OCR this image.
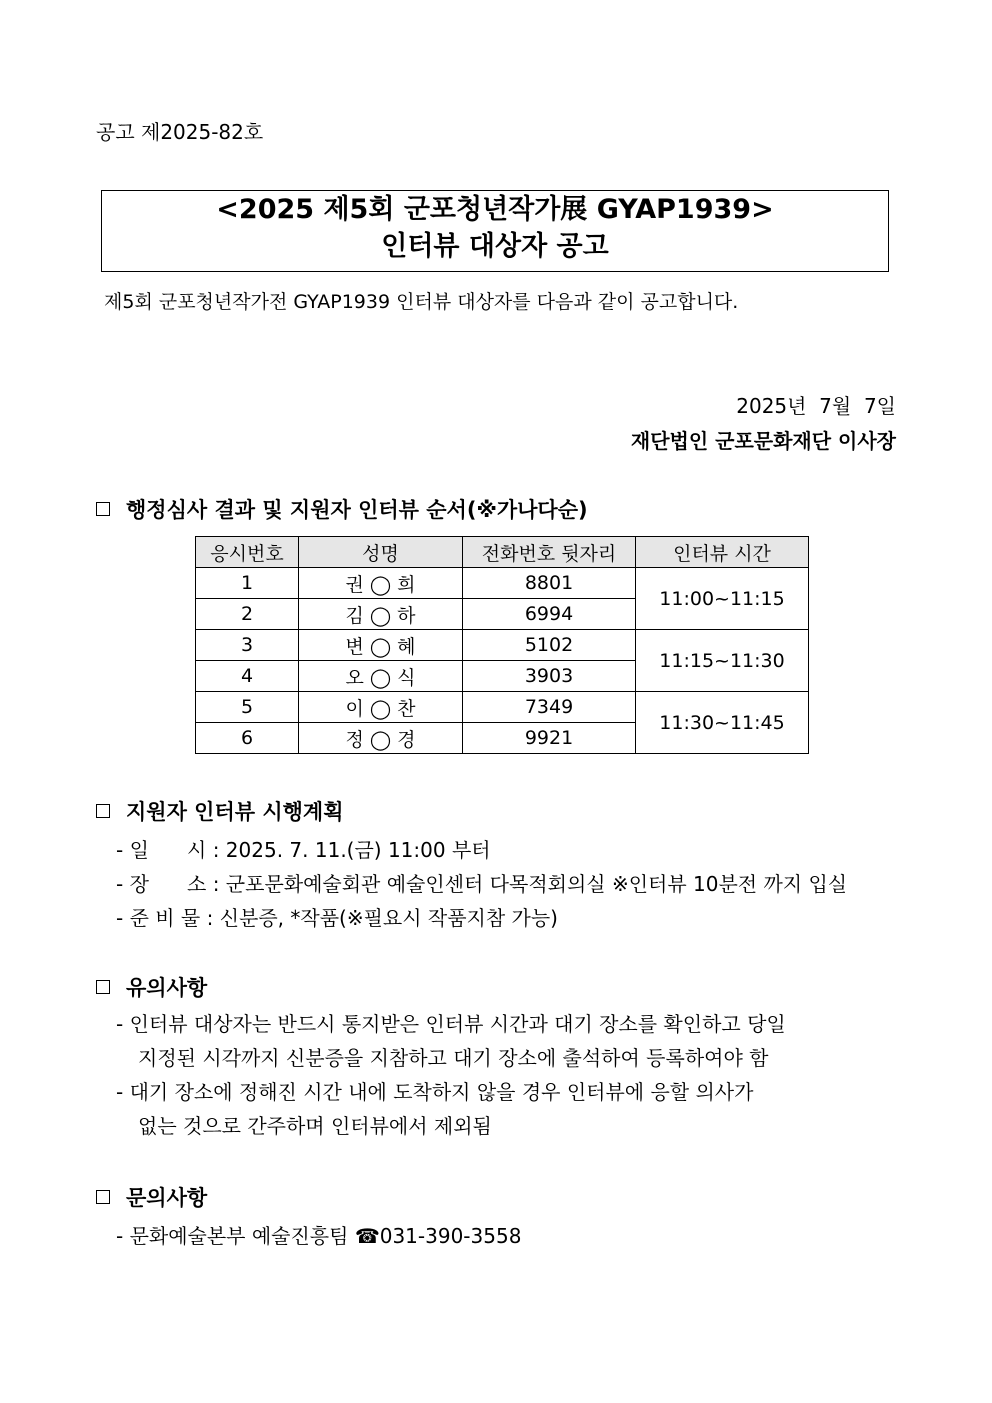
공고 제2025-82호
<2025 제5회 군포청년작가展 GYAP1939>
인터뷰 대상자 공고
제5회 군포청년작가전 GYAP1939 인터뷰 대상자를 다음과 같이 공고합니다.
2025년  7월  7일
재단법인 군포문화재단 이사장
행정심사 결과 및 지원자 인터뷰 순서(※가나다순)
응시번호	성명	전화번호 뒷자리	인터뷰 시간
1	권 ◯ 희	8801	11:00~11:15
2	김 ◯ 하	6994	
3	변 ◯ 혜	5102	11:15~11:30
4	오 ◯ 식	3903	
5	이 ◯ 찬	7349	11:30~11:45
6	정 ◯ 경	9921	
지원자 인터뷰 시행계획
- 일      시 : 2025. 7. 11.(금) 11:00 부터
- 장      소 : 군포문화예술회관 예술인센터 다목적회의실 ※인터뷰 10분전 까지 입실
- 준 비 물 : 신분증, *작품(※필요시 작품지참 가능)
유의사항
- 인터뷰 대상자는 반드시 통지받은 인터뷰 시간과 대기 장소를 확인하고 당일
지정된 시각까지 신분증을 지참하고 대기 장소에 출석하여 등록하여야 함
- 대기 장소에 정해진 시간 내에 도착하지 않을 경우 인터뷰에 응할 의사가
없는 것으로 간주하며 인터뷰에서 제외됨
문의사항
- 문화예술본부 예술진흥팀 ☎031-390-3558
